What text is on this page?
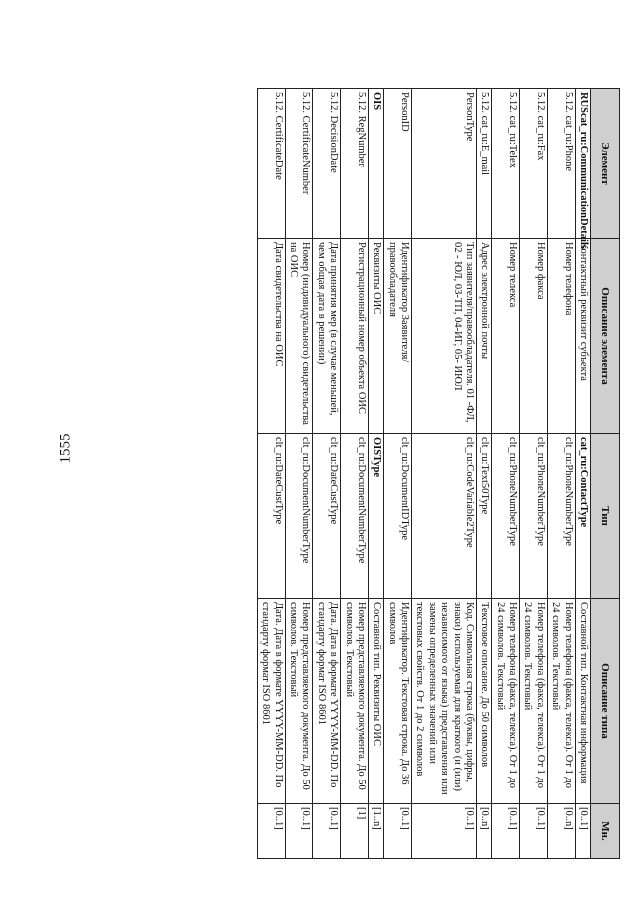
1555
Элемент	Описание элемента	Тип	Описание типа	Мн.
RUScat_ru:CommunicationDetails	Контактный реквизит субъекта	cat_ru:ContactType	Составной тип. Контактная информация	[0..1]
5.12. cat_ru:Phone	Номер телефона	clt_ru:PhoneNumberType	Номер телефона (факса, телекса). От 1 до 24 символов. Текстовый	[0..n]
5.12. cat_ru:Fax	Номер факса	clt_ru:PhoneNumberType	Номер телефона (факса, телекса). От 1 до 24 символов. Текстовый	[0..1]
5.12. cat_ru:Telex	Номер телекса	clt_ru:PhoneNumberType	Номер телефона (факса, телекса). От 1 до 24 символов. Текстовый	[0..1]
5.12. cat_ru:E_mail	Адрес электронной почты	clt_ru:Text50Type	Текстовое описание. До 50 символов	[0..n]
PersonType	Тип заявителя/правообладателя. 01 -ФЛ, 02 - ЮЛ, 03-ТП, 04-ИГ, 05- ИЮЛ	clt_ru:CodeVariable2Type	Код. Символьная строка (буквы, цифры, знаки) используемая для краткого (и (или) независимого от языка) представления или замены определенных значений или текстовых свойств. От 1 до 2 символов	[0..1]
PersonID	Идентификатор Заявителя/правообладателя	clt_ru:DocumentIDType	Идентификатор. Текстовая строка. До 36 символов	[0..1]
OIS	Реквизиты ОИС	OISType	Составной тип. Реквизиты ОИС	[1..n]
5.12. RegNumber	Регистрационный номер объекта ОИС	clt_ru:DocumentNumberType	Номер представляемого документа. До 50 символов. Текстовый	[1]
5.12. DecisionDate	Дата принятия мер (в случае меньшей, чем общая дата в решении)	clt_ru:DateCustType	Дата. Дата в формате YYYY-MM-DD. По стандарту формат ISO 8601	[0..1]
5.12. CertificateNumber	Номер (индивидуального) свидетельства на ОИС	clt_ru:DocumentNumberType	Номер представляемого документа. До 50 символов. Текстовый	[0..1]
5.12. CertificateDate	Дата свидетельства на ОИС	clt_ru:DateCustType	Дата. Дата в формате YYYY-MM-DD. По стандарту формат ISO 8601	[0..1]
